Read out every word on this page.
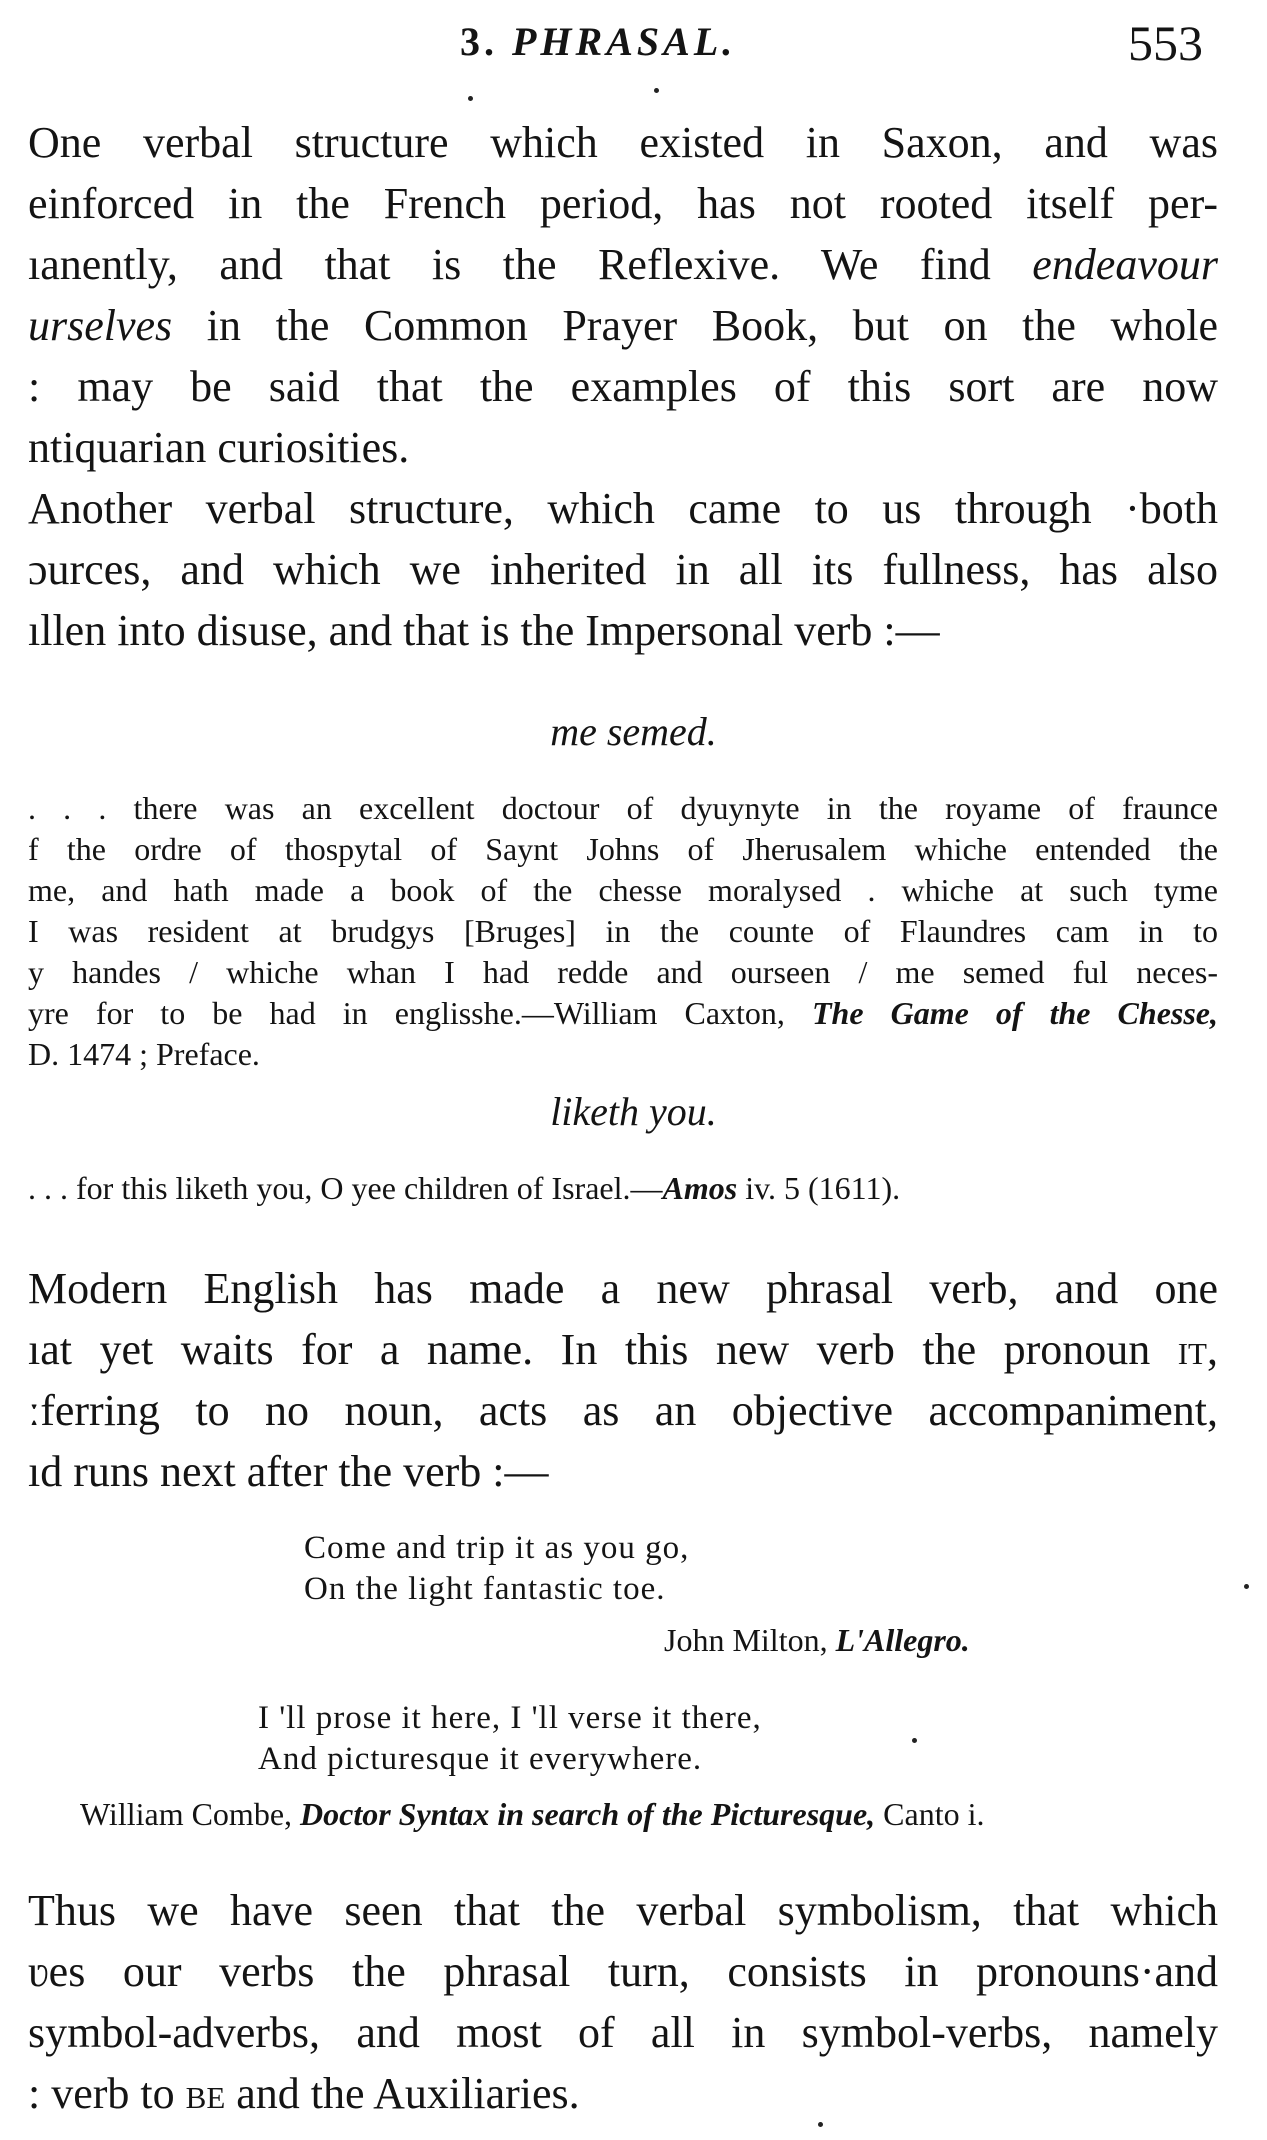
3. PHRASAL.	553
One verbal structure which existed in Saxon, and was
einforced in the French period, has not rooted itself per-
ıanently, and that is the Reflexive. We find endeavour
urselves in the Common Prayer Book, but on the whole
: may be said that the examples of this sort are now
ntiquarian curiosities.
Another verbal structure, which came to us through ·both
ɔurces, and which we inherited in all its fullness, has also
ıllen into disuse, and that is the Impersonal verb :—
me semed.
. . . there was an excellent doctour of dyuynyte in the royame of fraunce
f the ordre of thospytal of Saynt Johns of Jherusalem whiche entended the
me, and hath made a book of the chesse moralysed . whiche at such tyme
I was resident at brudgys [Bruges] in the counte of Flaundres cam in to
y handes / whiche whan I had redde and ourseen / me semed ful neces-
yre for to be had in englisshe.—William Caxton, The Game of the Chesse,
D. 1474 ; Preface.
liketh you.
. . . for this liketh you, O yee children of Israel.—Amos iv. 5 (1611).
Modern English has made a new phrasal verb, and one
ıat yet waits for a name. In this new verb the pronoun it,
ːferring to no noun, acts as an objective accompaniment,
ıd runs next after the verb :—
Come and trip it as you go,
On the light fantastic toe.
John Milton, L'Allegro.
I 'll prose it here, I 'll verse it there,
And picturesque it everywhere.
William Combe, Doctor Syntax in search of the Picturesque, Canto i.
Thus we have seen that the verbal symbolism, that which
ʋes our verbs the phrasal turn, consists in pronouns·and
symbol-adverbs, and most of all in symbol-verbs, namely
: verb to be and the Auxiliaries.
